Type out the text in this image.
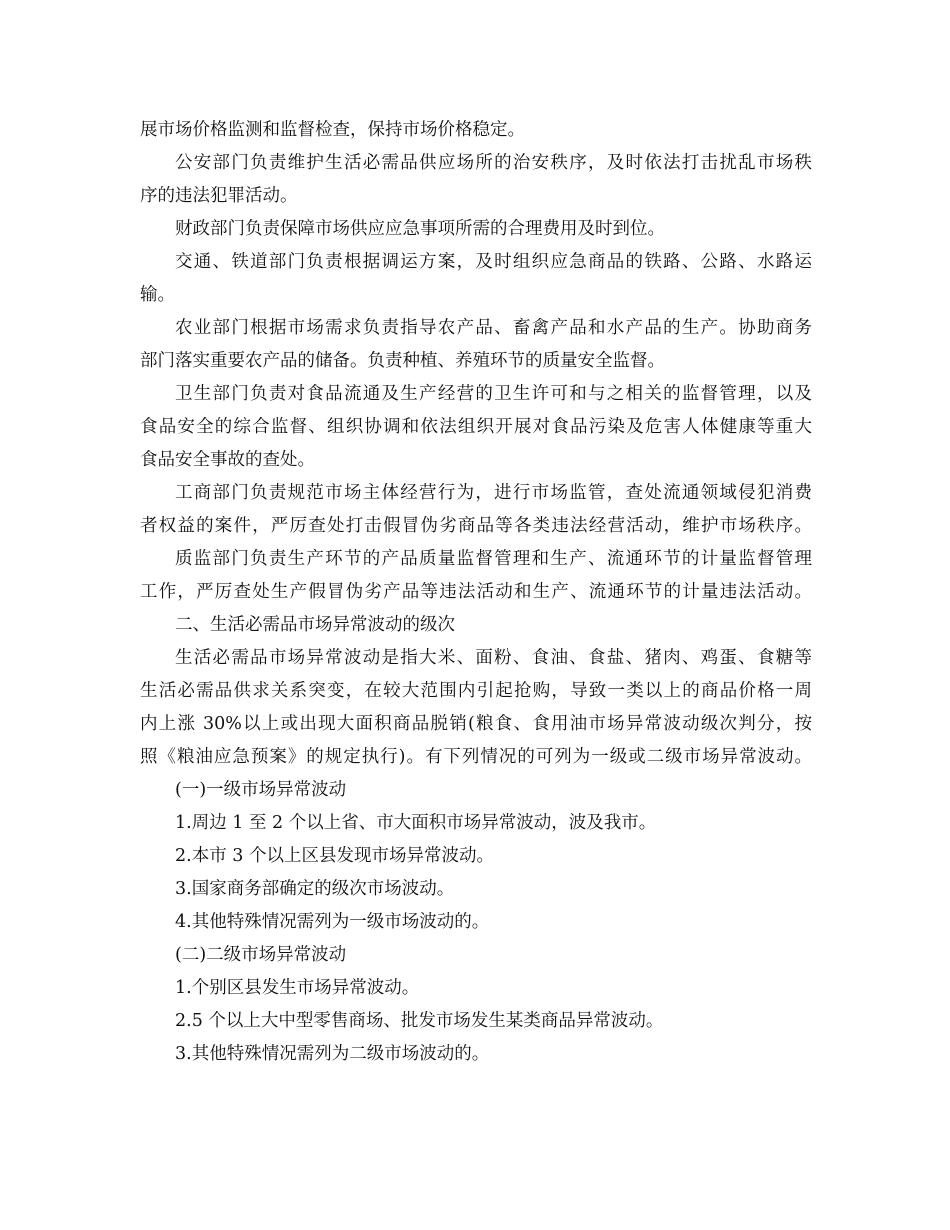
展市场价格监测和监督检查，保持市场价格稳定。
公安部门负责维护生活必需品供应场所的治安秩序，及时依法打击扰乱市场秩
序的违法犯罪活动。
财政部门负责保障市场供应应急事项所需的合理费用及时到位。
交通、铁道部门负责根据调运方案，及时组织应急商品的铁路、公路、水路运
输。
农业部门根据市场需求负责指导农产品、畜禽产品和水产品的生产。协助商务
部门落实重要农产品的储备。负责种植、养殖环节的质量安全监督。
卫生部门负责对食品流通及生产经营的卫生许可和与之相关的监督管理，以及
食品安全的综合监督、组织协调和依法组织开展对食品污染及危害人体健康等重大
食品安全事故的查处。
工商部门负责规范市场主体经营行为，进行市场监管，查处流通领域侵犯消费
者权益的案件，严厉查处打击假冒伪劣商品等各类违法经营活动，维护市场秩序。
质监部门负责生产环节的产品质量监督管理和生产、流通环节的计量监督管理
工作，严厉查处生产假冒伪劣产品等违法活动和生产、流通环节的计量违法活动。
二、生活必需品市场异常波动的级次
生活必需品市场异常波动是指大米、面粉、食油、食盐、猪肉、鸡蛋、食糖等
生活必需品供求关系突变，在较大范围内引起抢购，导致一类以上的商品价格一周
内上涨 30%以上或出现大面积商品脱销(粮食、食用油市场异常波动级次判分，按
照《粮油应急预案》的规定执行)。有下列情况的可列为一级或二级市场异常波动。
(一)一级市场异常波动
1.周边 1 至 2 个以上省、市大面积市场异常波动，波及我市。
2.本市 3 个以上区县发现市场异常波动。
3.国家商务部确定的级次市场波动。
4.其他特殊情况需列为一级市场波动的。
(二)二级市场异常波动
1.个别区县发生市场异常波动。
2.5 个以上大中型零售商场、批发市场发生某类商品异常波动。
3.其他特殊情况需列为二级市场波动的。
